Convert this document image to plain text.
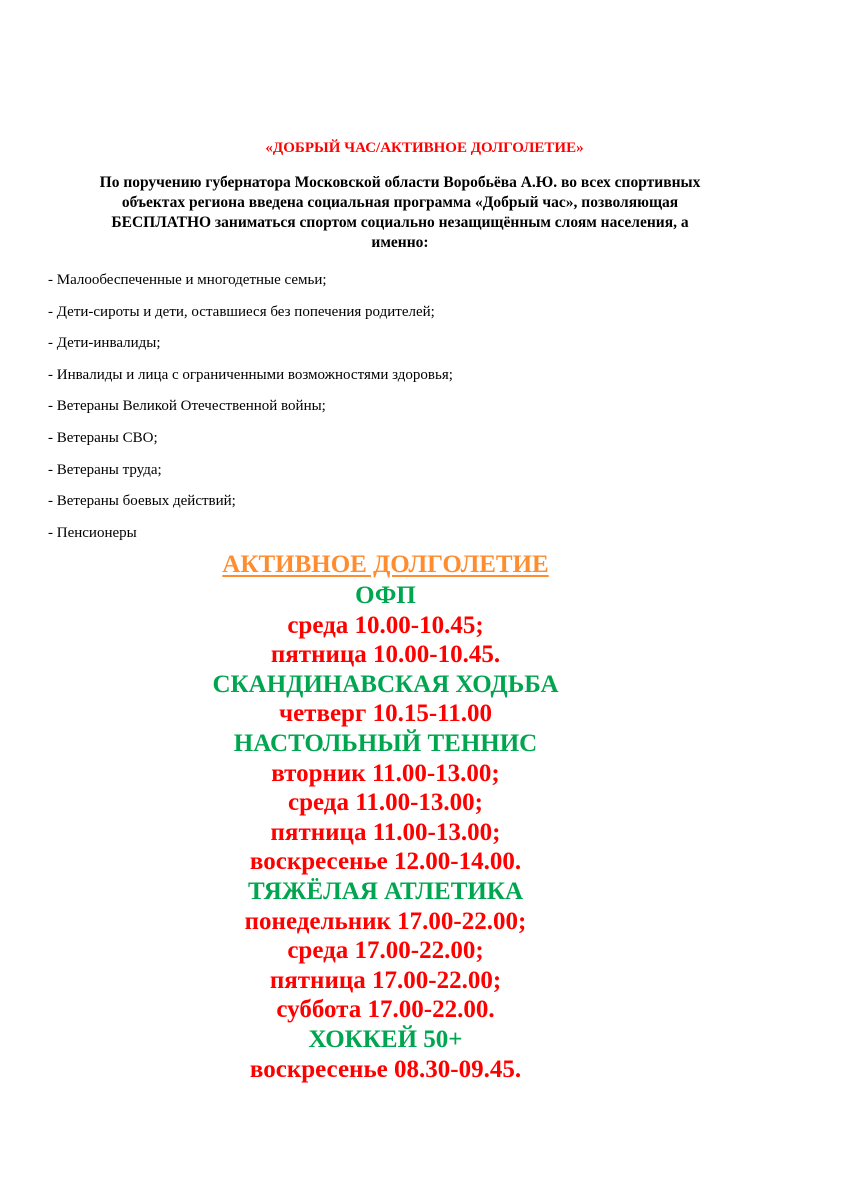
«ДОБРЫЙ ЧАС/АКТИВНОЕ ДОЛГОЛЕТИЕ»
По поручению губернатора Московской области Воробьёва А.Ю. во всех спортивных
объектах региона введена социальная программа «Добрый час», позволяющая
БЕСПЛАТНО заниматься спортом социально незащищённым слоям населения, а
именно:
- Малообеспеченные и многодетные семьи;
- Дети-сироты и дети, оставшиеся без попечения родителей;
- Дети-инвалиды;
- Инвалиды и лица с ограниченными возможностями здоровья;
- Ветераны Великой Отечественной войны;
- Ветераны СВО;
- Ветераны труда;
- Ветераны боевых действий;
- Пенсионеры
АКТИВНОЕ ДОЛГОЛЕТИЕ
ОФП
среда 10.00-10.45;
пятница 10.00-10.45.
СКАНДИНАВСКАЯ ХОДЬБА
четверг 10.15-11.00
НАСТОЛЬНЫЙ ТЕННИС
вторник 11.00-13.00;
среда 11.00-13.00;
пятница 11.00-13.00;
воскресенье 12.00-14.00.
ТЯЖЁЛАЯ АТЛЕТИКА
понедельник 17.00-22.00;
среда 17.00-22.00;
пятница 17.00-22.00;
суббота 17.00-22.00.
ХОККЕЙ 50+
воскресенье 08.30-09.45.
